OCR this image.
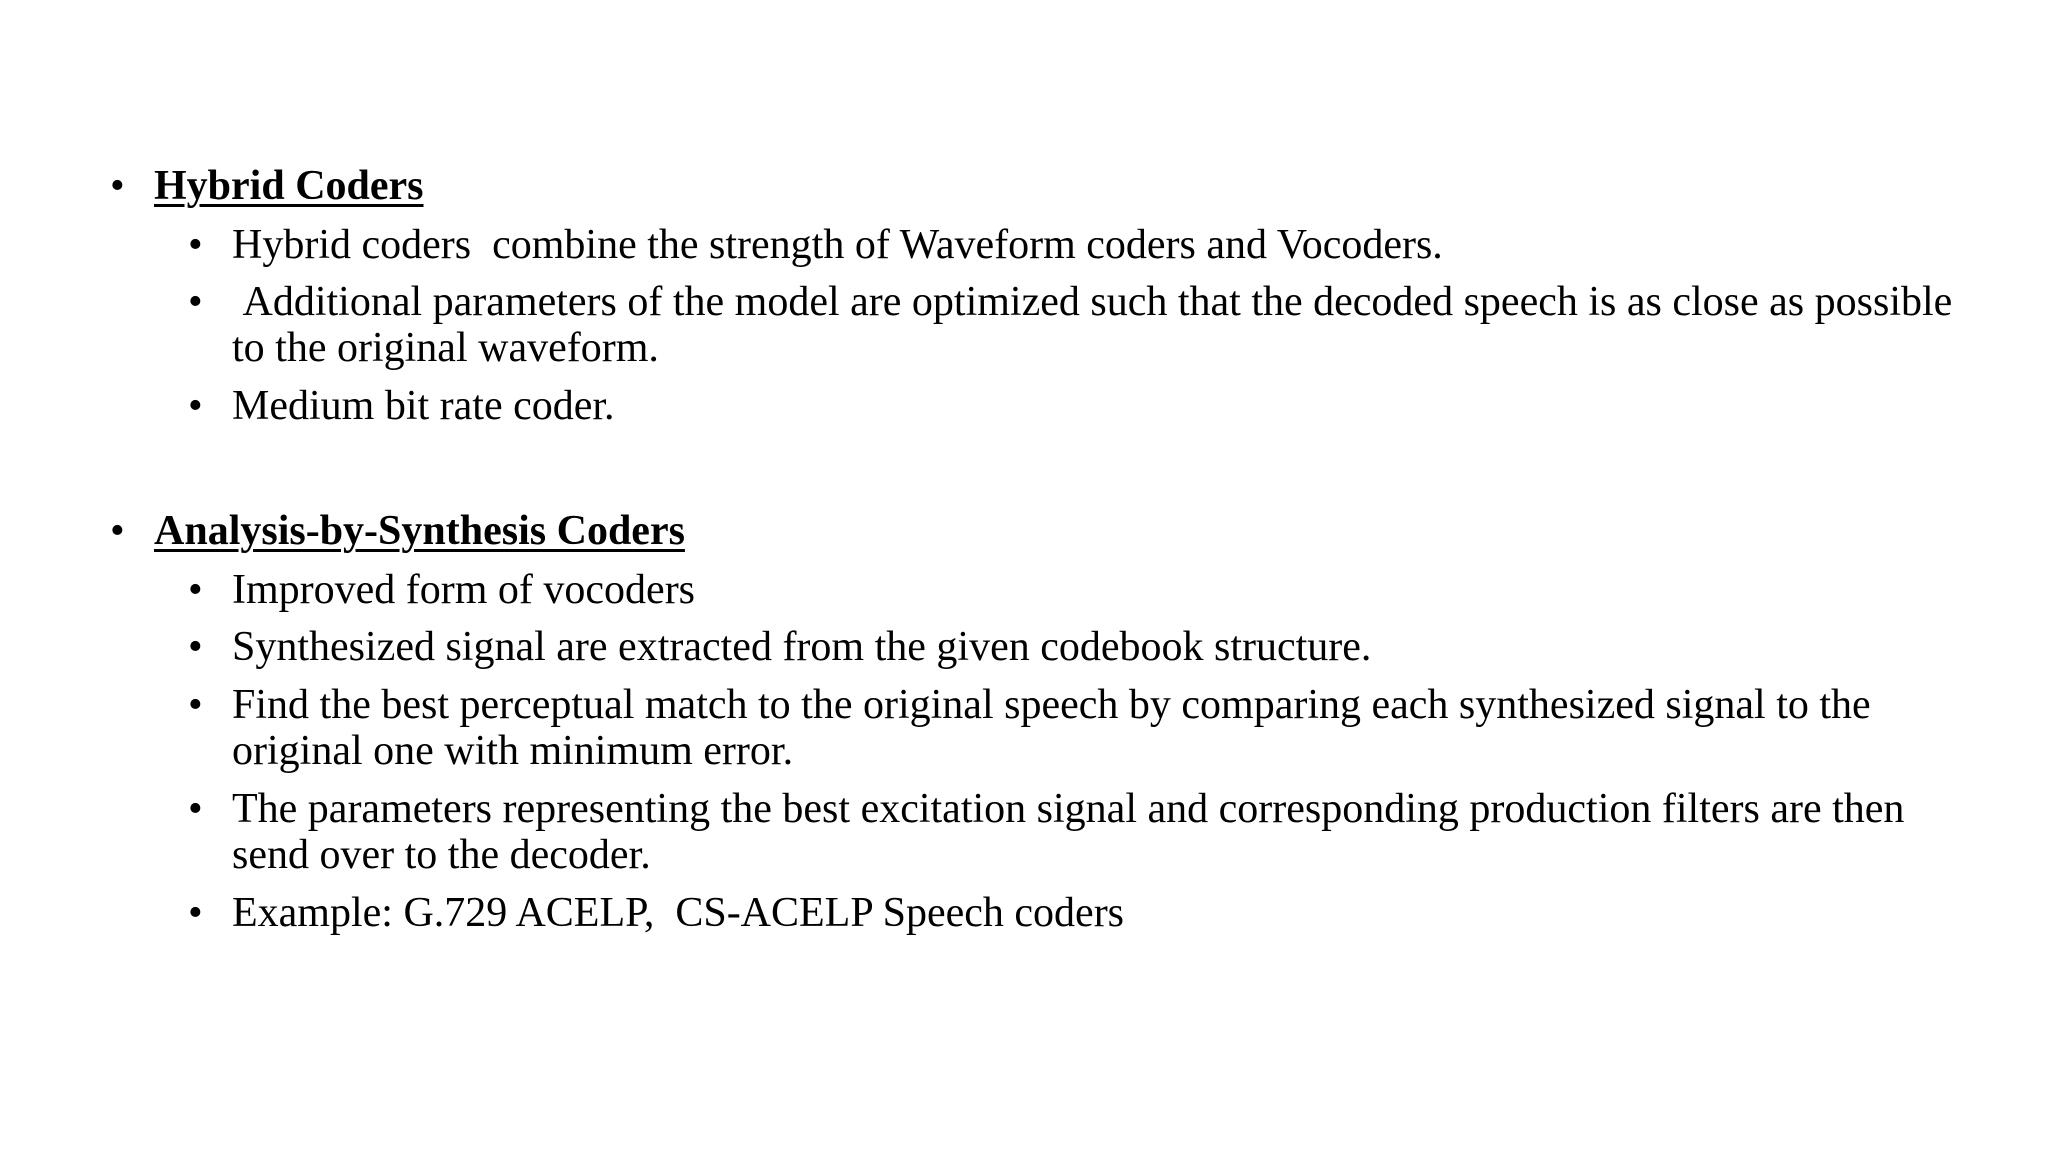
• Hybrid Coders
• Hybrid coders  combine the strength of Waveform coders and Vocoders.
• Additional parameters of the model are optimized such that the decoded speech is as close as possible to the original waveform.
• Medium bit rate coder.
• Analysis-by-Synthesis Coders
• Improved form of vocoders
• Synthesized signal are extracted from the given codebook structure.
• Find the best perceptual match to the original speech by comparing each synthesized signal to the original one with minimum error.
• The parameters representing the best excitation signal and corresponding production filters are then send over to the decoder.
• Example: G.729 ACELP,  CS-ACELP Speech coders
